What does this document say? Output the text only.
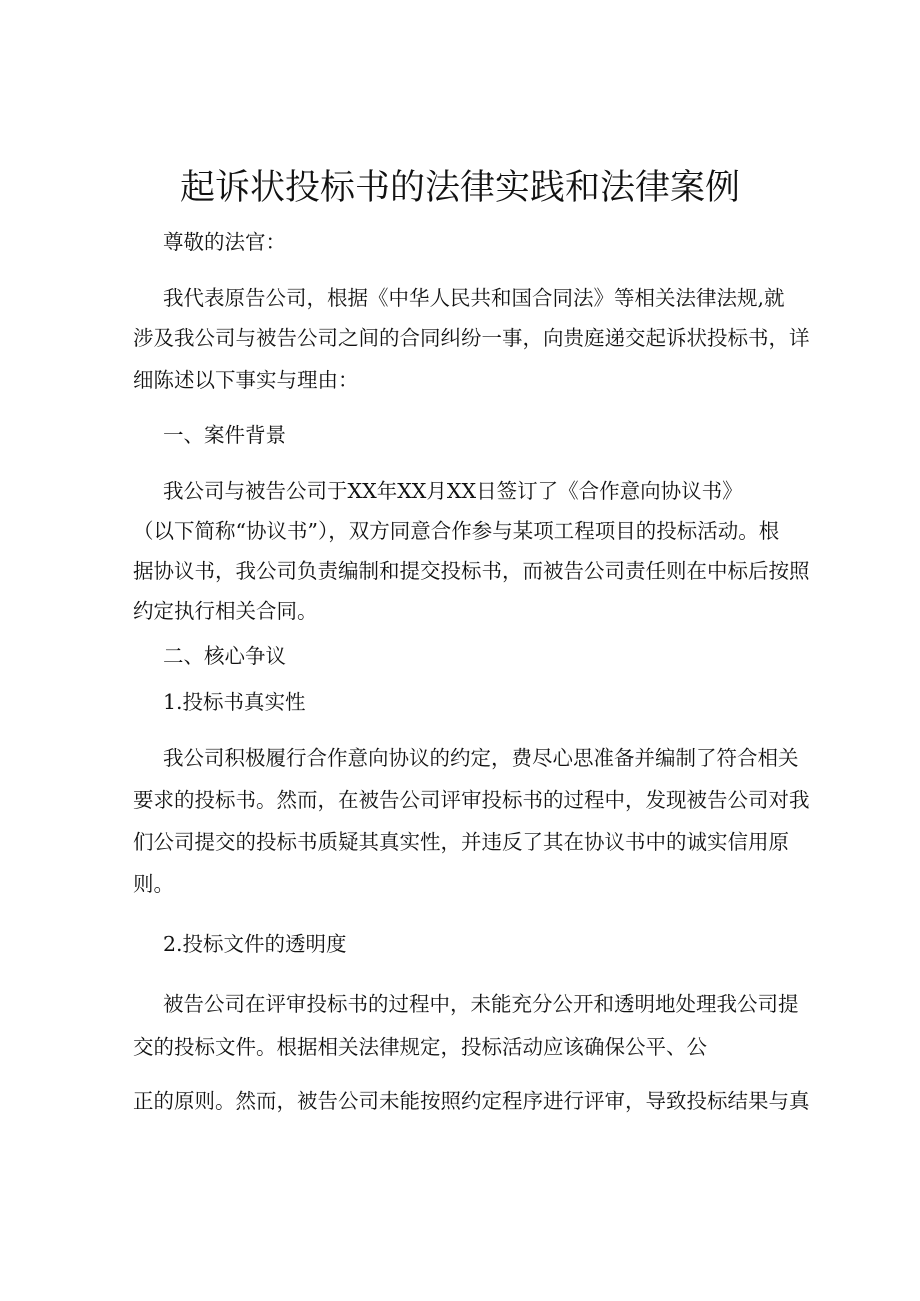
起诉状投标书的法律实践和法律案例

尊敬的法官：

我代表原告公司，根据《中华人民共和国合同法》等相关法律法规,就

涉及我公司与被告公司之间的合同纠纷一事，向贵庭递交起诉状投标书，详

细陈述以下事实与理由：

一、案件背景

我公司与被告公司于XX年XX月XX日签订了《合作意向协议书》

（以下简称“协议书”），双方同意合作参与某项工程项目的投标活动。根

据协议书，我公司负责编制和提交投标书，而被告公司责任则在中标后按照

约定执行相关合同。

二、核心争议

1.投标书真实性

我公司积极履行合作意向协议的约定，费尽心思准备并编制了符合相关

要求的投标书。然而，在被告公司评审投标书的过程中，发现被告公司对我

们公司提交的投标书质疑其真实性，并违反了其在协议书中的诚实信用原

则。

2.投标文件的透明度

被告公司在评审投标书的过程中，未能充分公开和透明地处理我公司提

交的投标文件。根据相关法律规定，投标活动应该确保公平、公

正的原则。然而，被告公司未能按照约定程序进行评审，导致投标结果与真
